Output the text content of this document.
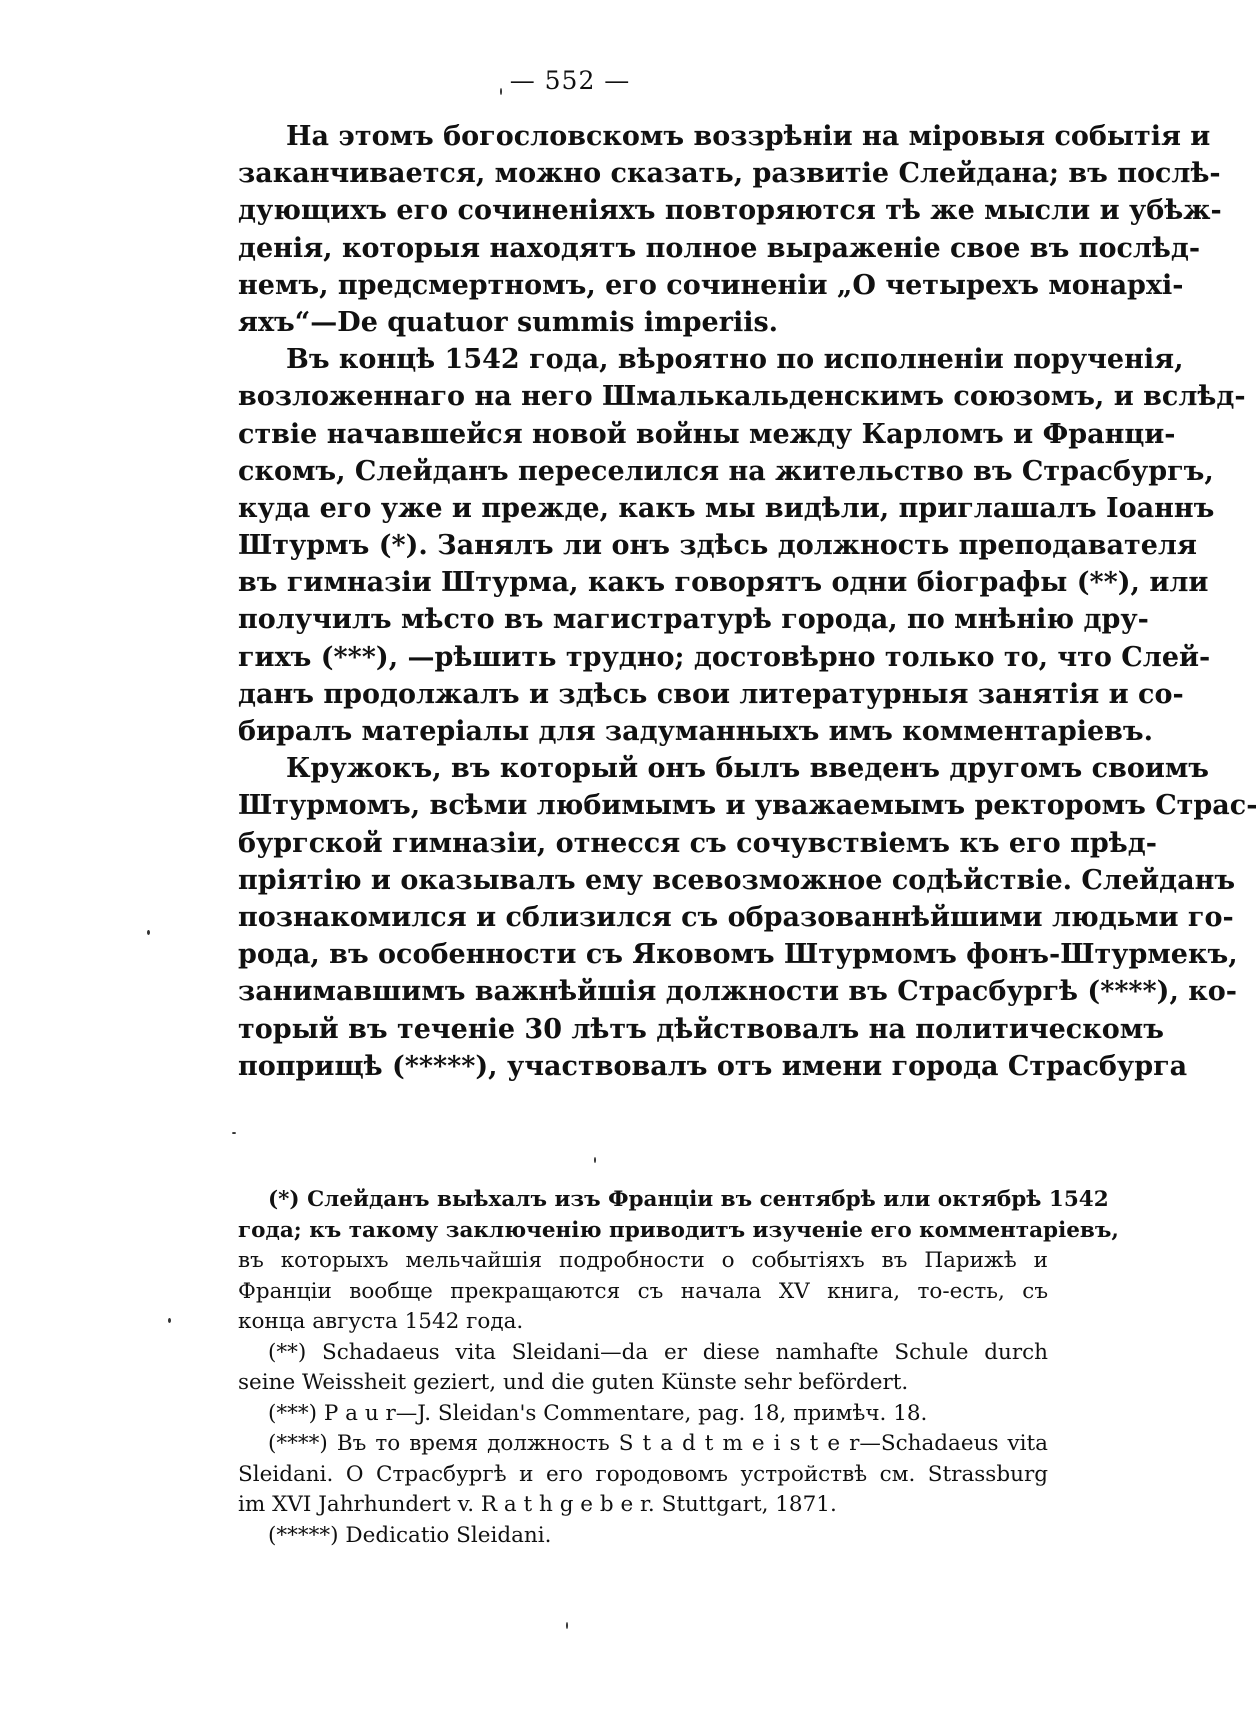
— 552 —
На этомъ богословскомъ воззрѣніи на міровыя событія и
заканчивается, можно сказать, развитіе Слейдана; въ послѣ-
дующихъ его сочиненіяхъ повторяются тѣ же мысли и убѣж-
денія, которыя находятъ полное выраженіе свое въ послѣд-
немъ, предсмертномъ, его сочиненіи „О четырехъ монархі-
яхъ“—De quatuor summis imperiis.
Въ концѣ 1542 года, вѣроятно по исполненіи порученія,
возложеннаго на него Шмалькальденскимъ союзомъ, и вслѣд-
ствіе начавшейся новой войны между Карломъ и Франци-
скомъ, Слейданъ переселился на жительство въ Страсбургъ,
куда его уже и прежде, какъ мы видѣли, приглашалъ Іоаннъ
Штурмъ (*). Занялъ ли онъ здѣсь должность преподавателя
въ гимназіи Штурма, какъ говорятъ одни біографы (**), или
получилъ мѣсто въ магистратурѣ города, по мнѣнію дру-
гихъ (***), —рѣшить трудно; достовѣрно только то, что Слей-
данъ продолжалъ и здѣсь свои литературныя занятія и со-
биралъ матеріалы для задуманныхъ имъ комментаріевъ.
Кружокъ, въ который онъ былъ введенъ другомъ своимъ
Штурмомъ, всѣми любимымъ и уважаемымъ ректоромъ Страс-
бургской гимназіи, отнесся съ сочувствіемъ къ его прѣд-
пріятію и оказывалъ ему всевозможное содѣйствіе. Слейданъ
познакомился и сблизился съ образованнѣйшими людьми го-
рода, въ особенности съ Яковомъ Штурмомъ фонъ-Штурмекъ,
занимавшимъ важнѣйшія должности въ Страсбургѣ (****), ко-
торый въ теченіе 30 лѣтъ дѣйствовалъ на политическомъ
поприщѣ (*****), участвовалъ отъ имени города Страсбурга
(*) Слейданъ выѣхалъ изъ Франціи въ сентябрѣ или октябрѣ 1542
года; къ такому заключенію приводитъ изученіе его комментаріевъ,
въ которыхъ мельчайшія подробности о событіяхъ въ Парижѣ и
Франціи вообще прекращаются съ начала XV книга, то-есть, съ
конца августа 1542 года.
(**) Schadaeus vita Sleidani—da er diese namhafte Schule durch
seine Weissheit geziert, und die guten Künste sehr befördert.
(***) P a u r—J. Sleidan's Commentare, pag. 18, примѣч. 18.
(****) Въ то время должность S t a d t m e i s t e r—Schadaeus vita
Sleidani. О Страсбургѣ и его городовомъ устройствѣ см. Strassburg
im XVI Jahrhundert v. R a t h g e b e r. Stuttgart, 1871.
(*****) Dedicatio Sleidani.
